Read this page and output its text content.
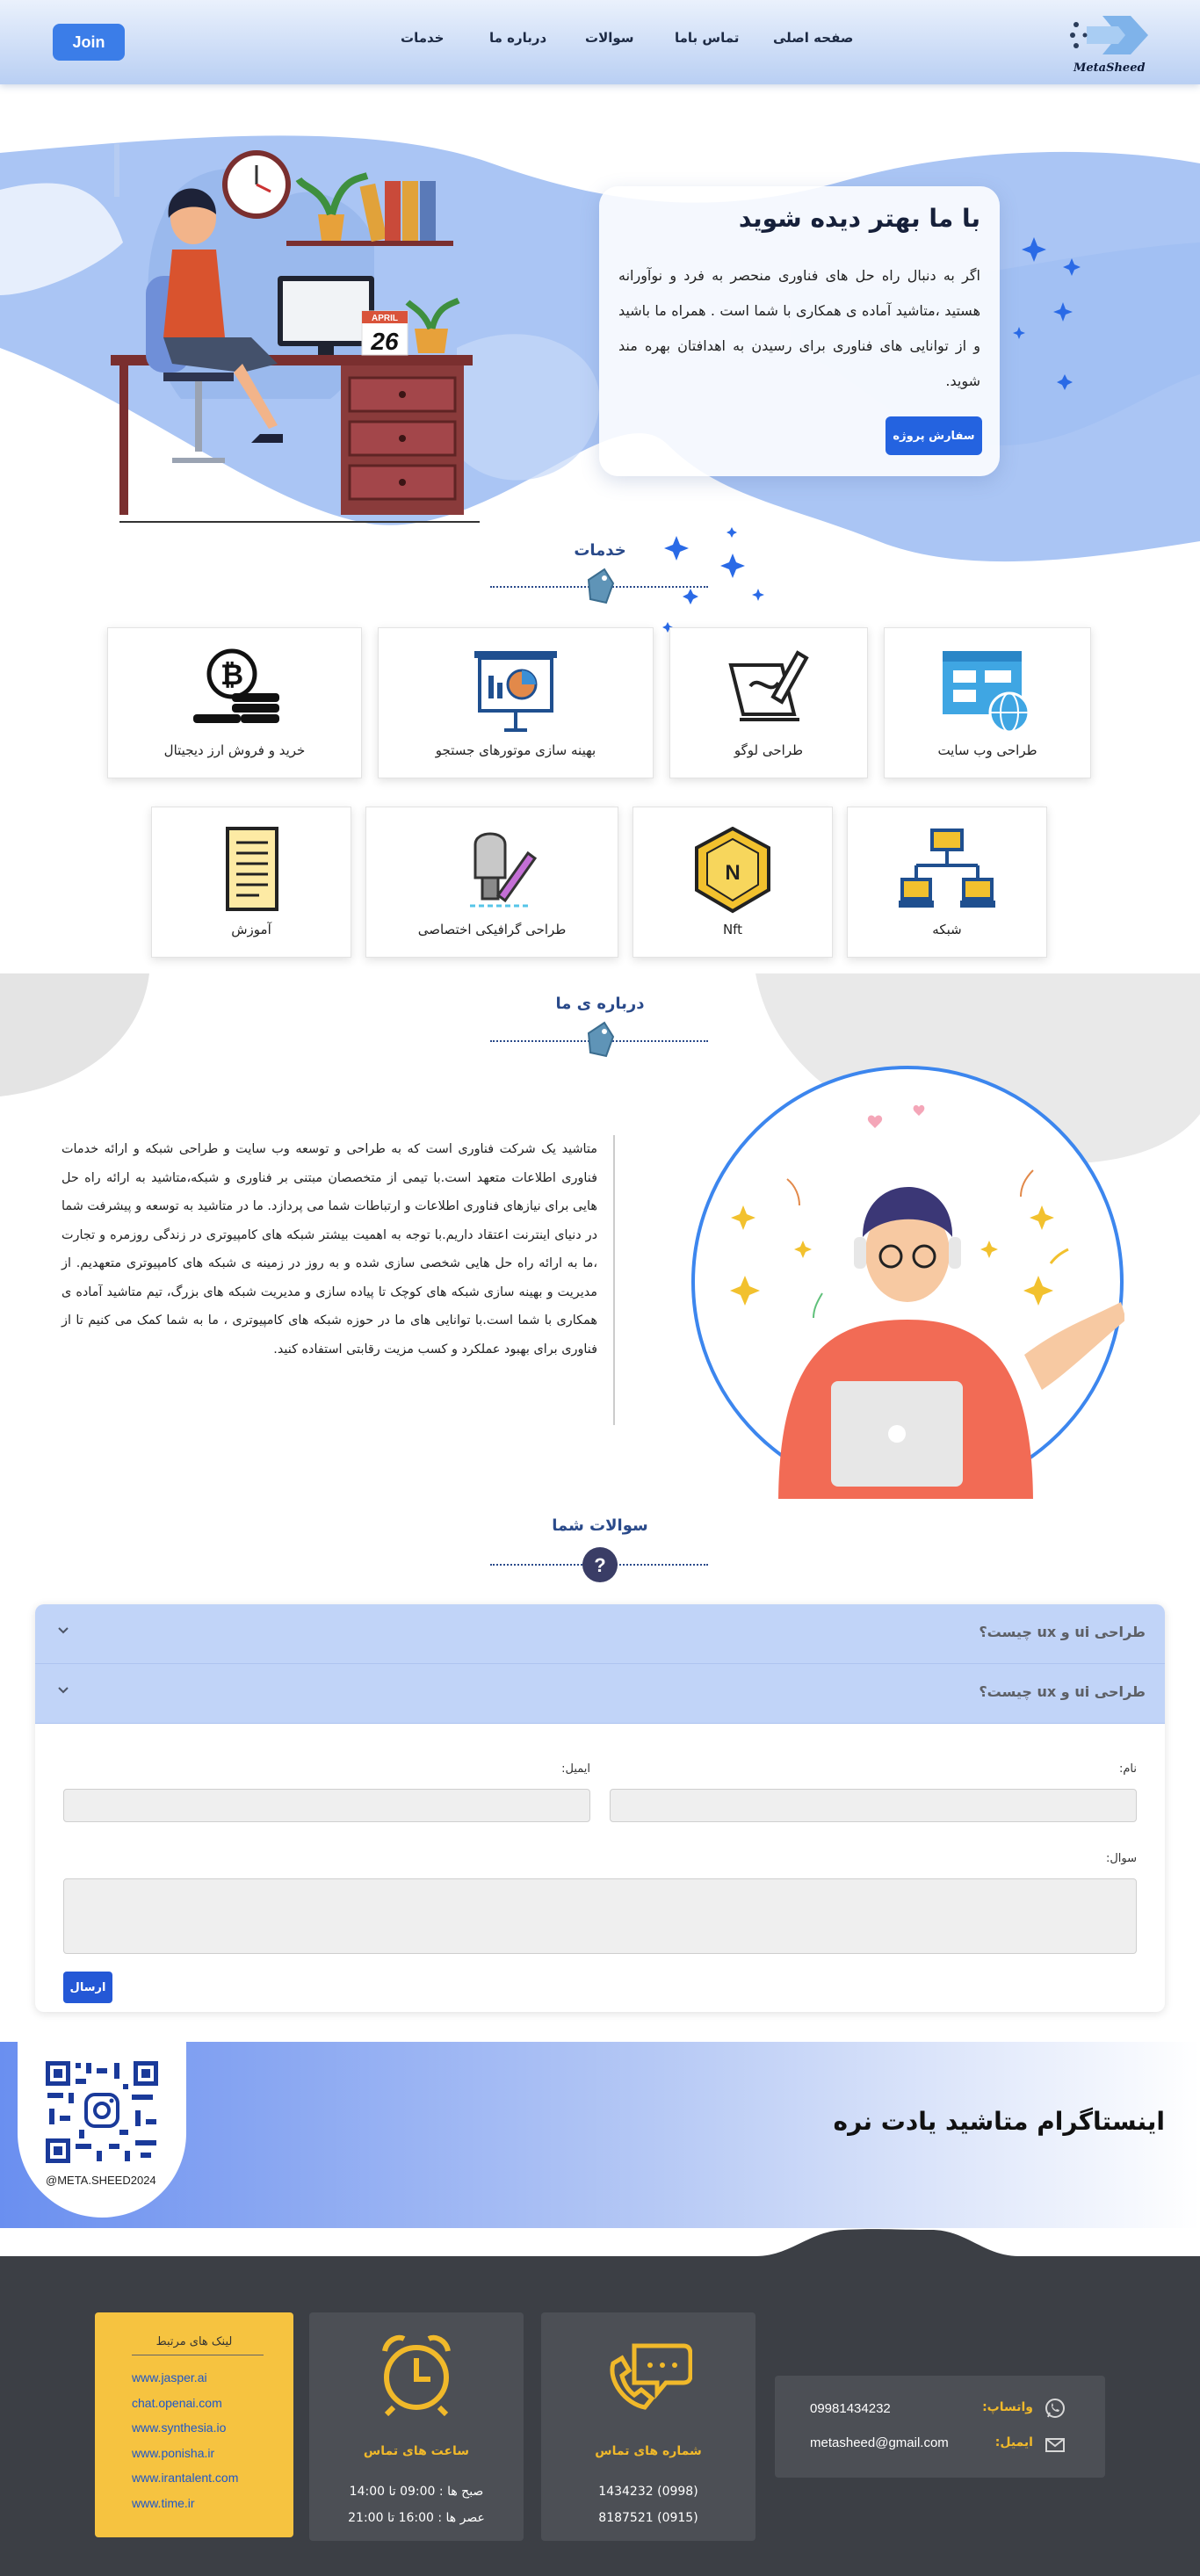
Join	صفحه اصلی
تماس باما
سوالات
درباره ما
خدمات
MetaSheed
APRIL
26
با ما بهتر دیده شوید
اگر به دنبال راه حل های فناوری منحصر به فرد و نوآورانه هستید ،متاشید آماده ی همکاری با شما است . همراه ما باشید و از توانایی های فناوری برای رسیدن به اهدافتان بهره مند شوید.
سفارش پروژه
خدمات
طراحی وب سایت
طراحی لوگو
بهینه سازی موتورهای جستجو
₿
خرید و فروش ارز دیجیتال
شبکه
N
Nft
طراحی گرافیکی اختصاصی
آموزش
درباره ی ما
متاشید یک شرکت فناوری است که به طراحی و توسعه وب سایت و طراحی شبکه و ارائه خدمات فناوری اطلاعات متعهد است.با تیمی از متخصصان مبتنی بر فناوری و شبکه،متاشید به ارائه راه حل هایی برای نیازهای فناوری اطلاعات و ارتباطات شما می پردازد. ما در متاشید به توسعه و پیشرفت شما در دنیای اینترنت اعتقاد داریم.با توجه به اهمیت بیشتر شبکه های کامپیوتری در زندگی روزمره و تجارت ،ما به ارائه راه حل هایی شخصی سازی شده و به روز در زمینه ی شبکه های کامپیوتری متعهدیم. از مدیریت و بهینه سازی شبکه های کوچک تا پیاده سازی و مدیریت شبکه های بزرگ، تیم متاشید آماده ی همکاری با شما است.با توانایی های ما در حوزه شبکه های کامپیوتری ، ما به شما کمک می کنیم تا از فناوری برای بهبود عملکرد و کسب مزیت رقابتی استفاده کنید.
سوالات شما
?
طراحی ui و ux چیست؟
طراحی ui و ux چیست؟
نام:
ایمیل:
سوال:
ارسال
@META.SHEED2024
اینستاگرام متاشید یادت نره
لینک های مرتبط
www.jasper.ai
chat.openai.com
www.synthesia.io
www.ponisha.ir
www.irantalent.com
www.time.ir
ساعت های تماس
صبح ها : 09:00 تا 14:00
عصر ها : 16:00 تا 21:00
شماره های تماس
(0998) 1434232
(0915) 8187521
واتساپ:
09981434232
ایمیل:
metasheed@gmail.com
